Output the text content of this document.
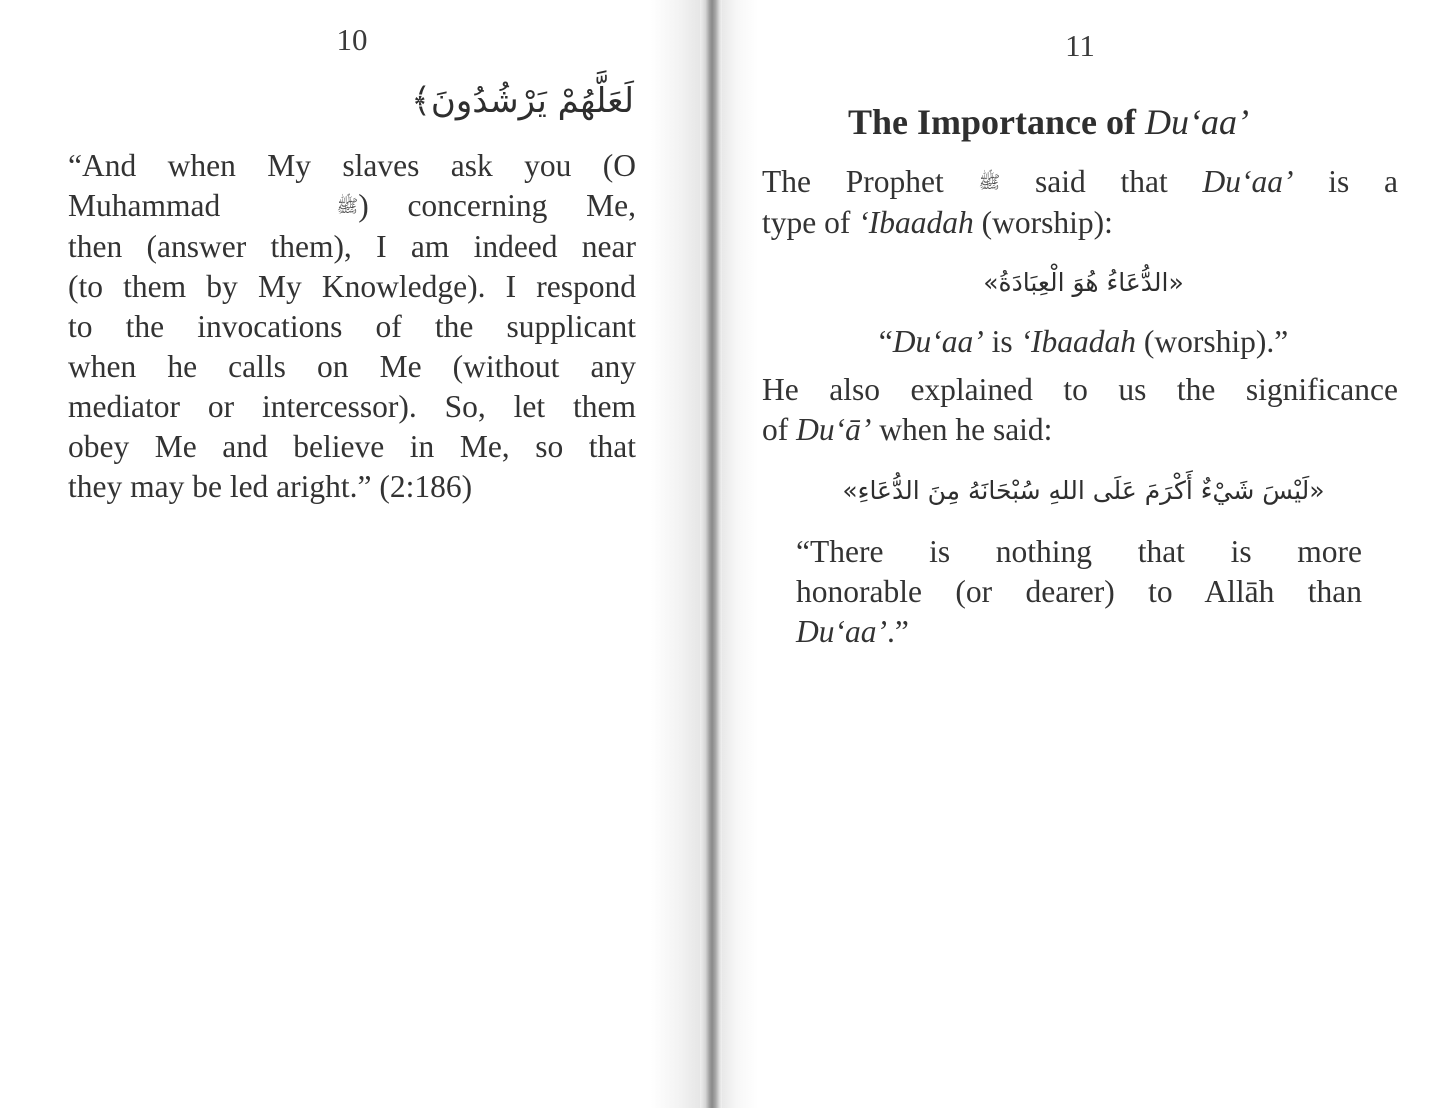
10
لَعَلَّهُمْ يَرْشُدُونَ﴾
“And when My slaves ask you (O
Muhammad	ﷺ) concerning Me,
then (answer them), I am indeed near
(to them by My Knowledge). I respond
to the invocations of the supplicant
when he calls on Me (without any
mediator or intercessor). So, let them
obey Me and believe in Me, so that
they may be led aright.” (2:186)
11
The Importance of Du‘aa’
The Prophet ﷺ said that Du‘aa’ is a
type of ‘Ibaadah (worship):
«الدُّعَاءُ هُوَ الْعِبَادَةُ»
“Du‘aa’ is ‘Ibaadah (worship).”
He also explained to us the significance
of Du‘ā’ when he said:
«لَيْسَ شَيْءٌ أَكْرَمَ عَلَى اللهِ سُبْحَانَهُ مِنَ الدُّعَاءِ»
“There is nothing that is more
honorable (or dearer) to Allāh than
Du‘aa’.”
